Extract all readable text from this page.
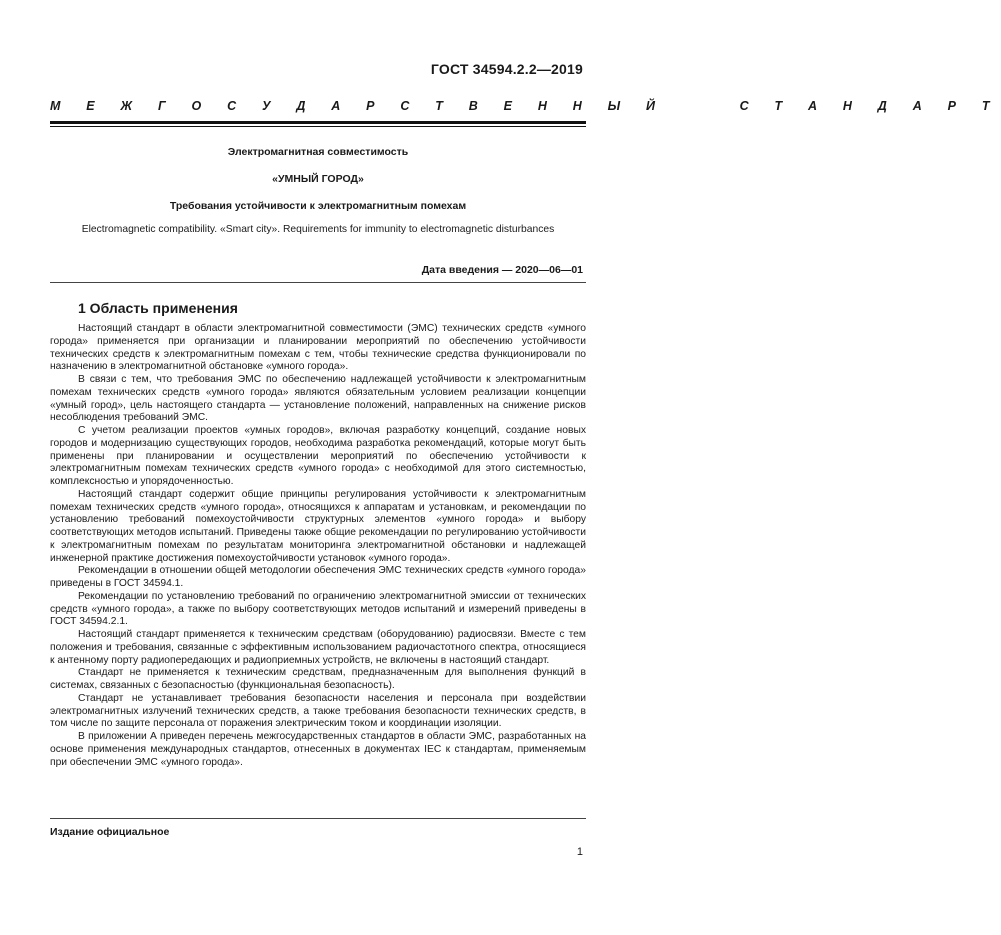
ГОСТ 34594.2.2—2019
М Е Ж Г О С У Д А Р С Т В Е Н Н Ы Й     С Т А Н Д А Р Т
Электромагнитная совместимость
«УМНЫЙ ГОРОД»
Требования устойчивости к электромагнитным помехам
Electromagnetic compatibility. «Smart city». Requirements for immunity to electromagnetic disturbances
Дата введения — 2020—06—01
1 Область применения

Настоящий стандарт в области электромагнитной совместимости (ЭМС) технических средств «умного города» применяется при организации и планировании мероприятий по обеспечению устойчивости технических средств к электромагнитным помехам с тем, чтобы технические средства функционировали по назначению в электромагнитной обстановке «умного города».

В связи с тем, что требования ЭМС по обеспечению надлежащей устойчивости к электромагнитным помехам технических средств «умного города» являются обязательным условием реализации концепции «умный город», цель настоящего стандарта — установление положений, направленных на снижение рисков несоблюдения требований ЭМС.

С учетом реализации проектов «умных городов», включая разработку концепций, создание новых городов и модернизацию существующих городов, необходима разработка рекомендаций, которые могут быть применены при планировании и осуществлении мероприятий по обеспечению устойчивости к электромагнитным помехам технических средств «умного города» с необходимой для этого системностью, комплексностью и упорядоченностью.

Настоящий стандарт содержит общие принципы регулирования устойчивости к электромагнитным помехам технических средств «умного города», относящихся к аппаратам и установкам, и рекомендации по установлению требований помехоустойчивости структурных элементов «умного города» и выбору соответствующих методов испытаний. Приведены также общие рекомендации по регулированию устойчивости к электромагнитным помехам по результатам мониторинга электромагнитной обстановки и надлежащей инженерной практике достижения помехоустойчивости установок «умного города».

Рекомендации в отношении общей методологии обеспечения ЭМС технических средств «умного города» приведены в ГОСТ 34594.1.

Рекомендации по установлению требований по ограничению электромагнитной эмиссии от технических средств «умного города», а также по выбору соответствующих методов испытаний и измерений приведены в ГОСТ 34594.2.1.

Настоящий стандарт применяется к техническим средствам (оборудованию) радиосвязи. Вместе с тем положения и требования, связанные с эффективным использованием радиочастотного спектра, относящиеся к антенному порту радиопередающих и радиоприемных устройств, не включены в настоящий стандарт.

Стандарт не применяется к техническим средствам, предназначенным для выполнения функций в системах, связанных с безопасностью (функциональная безопасность).

Стандарт не устанавливает требования безопасности населения и персонала при воздействии электромагнитных излучений технических средств, а также требования безопасности технических средств, в том числе по защите персонала от поражения электрическим током и координации изоляции.

В приложении А приведен перечень межгосударственных стандартов в области ЭМС, разработанных на основе применения международных стандартов, отнесенных в документах IEC к стандартам, применяемым при обеспечении ЭМС «умного города».

Издание официальное
1
